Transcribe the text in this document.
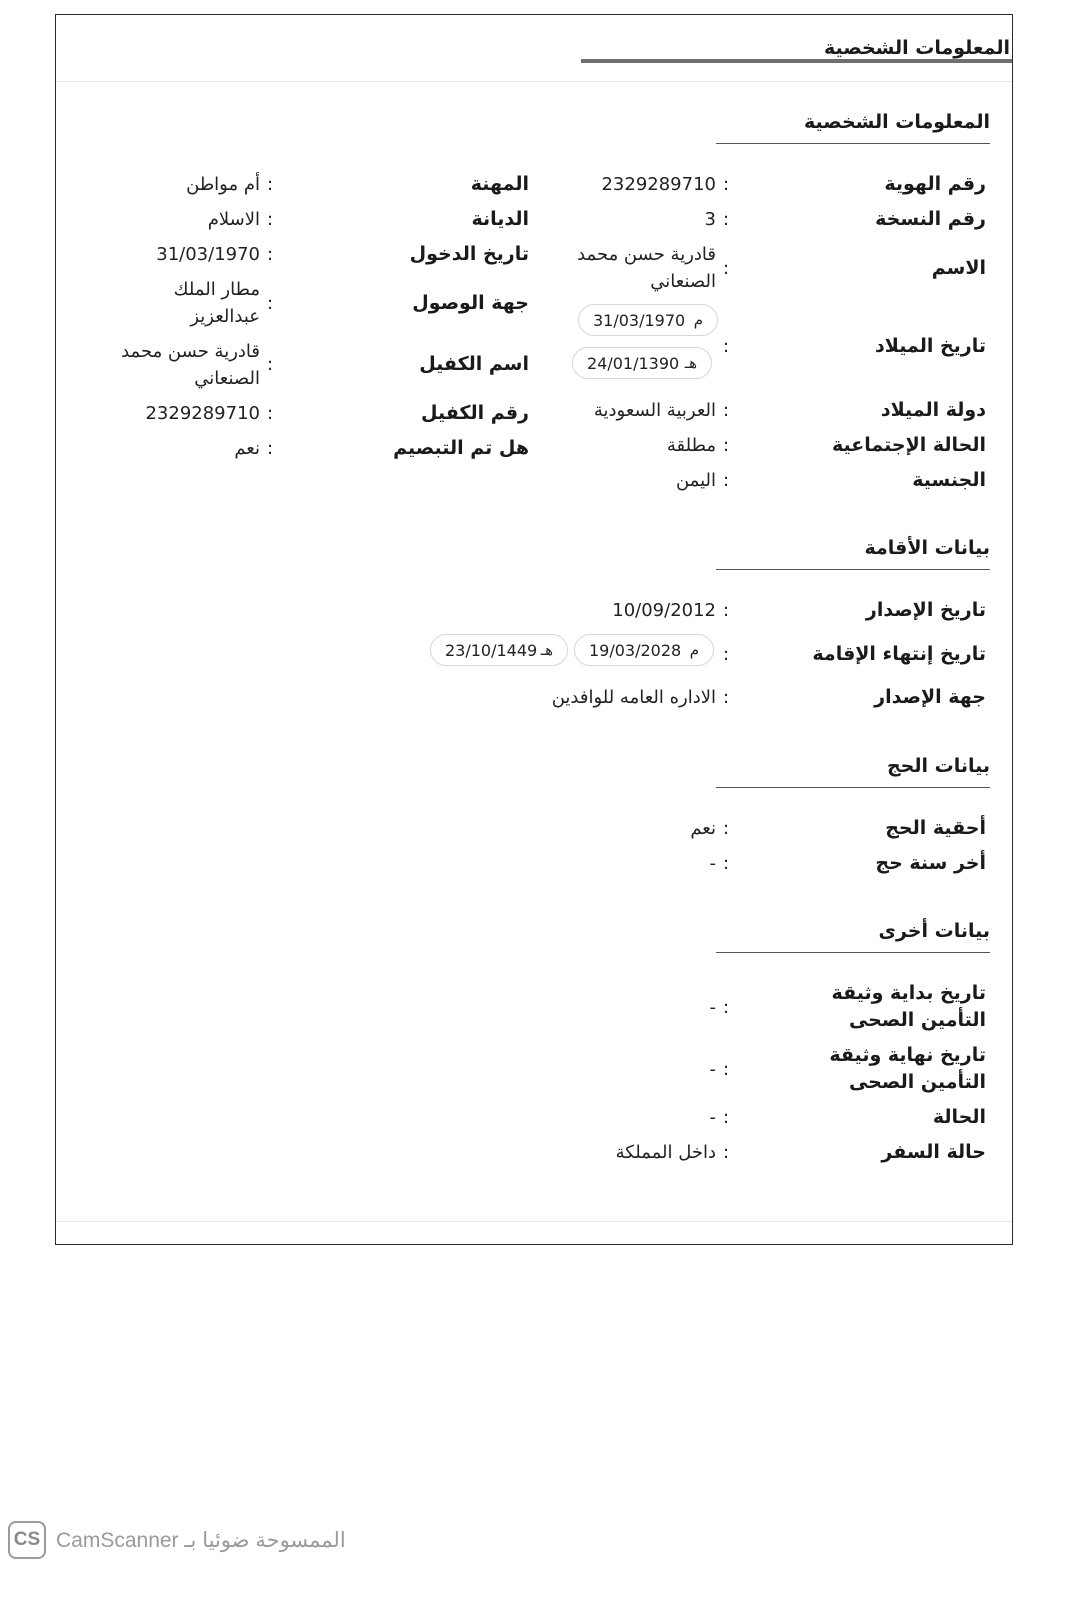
المعلومات الشخصية
المعلومات الشخصية
رقم الهوية
رقم النسخة
الاسم
تاريخ الميلاد
دولة الميلاد
الحالة الإجتماعية
الجنسية
:
:
:
:
:
:
:
2329289710
3
قادرية حسن محمد الصنعاني
م
31/03/1970
هـ
24/01/1390
العربية السعودية
مطلقة
اليمن
المهنة
الديانة
تاريخ الدخول
جهة الوصول
اسم الكفيل
رقم الكفيل
هل تم التبصيم
:
:
:
:
:
:
:
أم مواطن
الاسلام
31/03/1970
مطار الملك عبدالعزيز
قادرية حسن محمد الصنعاني
2329289710
نعم
بيانات الأقامة
تاريخ الإصدار
تاريخ إنتهاء الإقامة
جهة الإصدار
:
:
:
10/09/2012
م
19/03/2028
هـ
23/10/1449
الاداره العامه للوافدين
بيانات الحج
أحقية الحج
أخر سنة حج
:
:
نعم
-
بيانات أخرى
تاريخ بداية وثيقة التأمين الصحى
تاريخ نهاية وثيقة التأمين الصحى
الحالة
حالة السفر
:
:
:
:
-
-
-
داخل المملكة
CS الممسوحة ضوئيا بـ CamScanner
